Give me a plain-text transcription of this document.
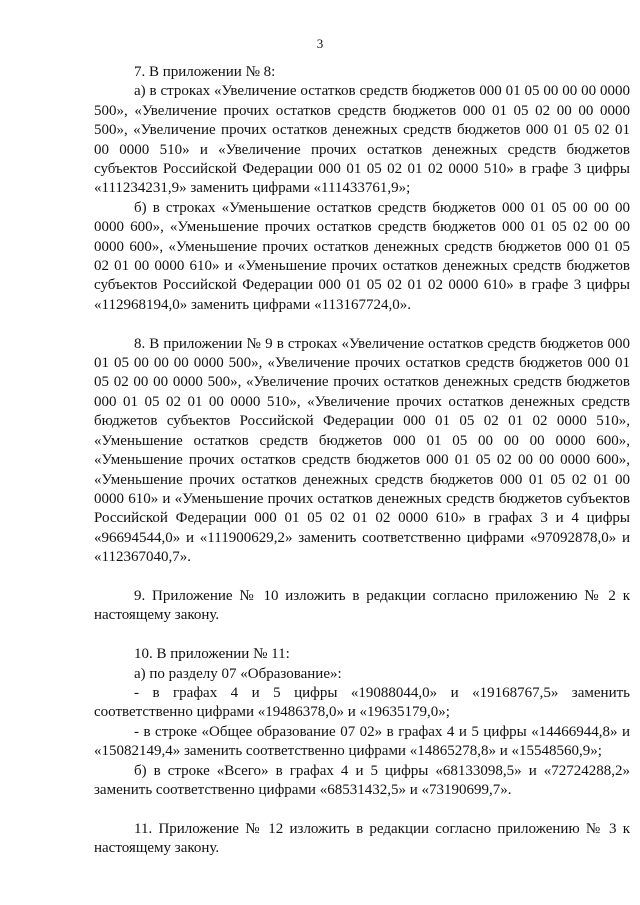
3

7. В приложении № 8:

а) в строках «Увеличение остатков средств бюджетов 000 01 05 00 00 00 0000 500», «Увеличение прочих остатков средств бюджетов 000 01 05 02 00 00 0000 500», «Увеличение прочих остатков денежных средств бюджетов 000 01 05 02 01 00 0000 510» и «Увеличение прочих остатков денежных средств бюджетов субъектов Российской Федерации 000 01 05 02 01 02 0000 510» в графе 3 цифры «111234231,9» заменить цифрами «111433761,9»;

б) в строках «Уменьшение остатков средств бюджетов 000 01 05 00 00 00 0000 600», «Уменьшение прочих остатков средств бюджетов 000 01 05 02 00 00 0000 600», «Уменьшение прочих остатков денежных средств бюджетов 000 01 05 02 01 00 0000 610» и «Уменьшение прочих остатков денежных средств бюджетов субъектов Российской Федерации 000 01 05 02 01 02 0000 610» в графе 3 цифры «112968194,0» заменить цифрами «113167724,0».

8. В приложении № 9 в строках «Увеличение остатков средств бюджетов 000 01 05 00 00 00 0000 500», «Увеличение прочих остатков средств бюджетов 000 01 05 02 00 00 0000 500», «Увеличение прочих остатков денежных средств бюджетов 000 01 05 02 01 00 0000 510», «Увеличение прочих остатков денежных средств бюджетов субъектов Российской Федерации 000 01 05 02 01 02 0000 510», «Уменьшение остатков средств бюджетов 000 01 05 00 00 00 0000 600», «Уменьшение прочих остатков средств бюджетов 000 01 05 02 00 00 0000 600», «Уменьшение прочих остатков денежных средств бюджетов 000 01 05 02 01 00 0000 610» и «Уменьшение прочих остатков денежных средств бюджетов субъектов Российской Федерации 000 01 05 02 01 02 0000 610» в графах 3 и 4 цифры «96694544,0» и «111900629,2» заменить соответственно цифрами «97092878,0» и «112367040,7».

9. Приложение № 10 изложить в редакции согласно приложению № 2 к настоящему закону.

10. В приложении № 11:

а) по разделу 07 «Образование»:

- в графах 4 и 5 цифры «19088044,0» и «19168767,5» заменить соответственно цифрами «19486378,0» и «19635179,0»;

- в строке «Общее образование 07 02» в графах 4 и 5 цифры «14466944,8» и «15082149,4» заменить соответственно цифрами «14865278,8» и «15548560,9»;

б) в строке «Всего» в графах 4 и 5 цифры «68133098,5» и «72724288,2» заменить соответственно цифрами «68531432,5» и «73190699,7».

11. Приложение № 12 изложить в редакции согласно приложению № 3 к настоящему закону.
